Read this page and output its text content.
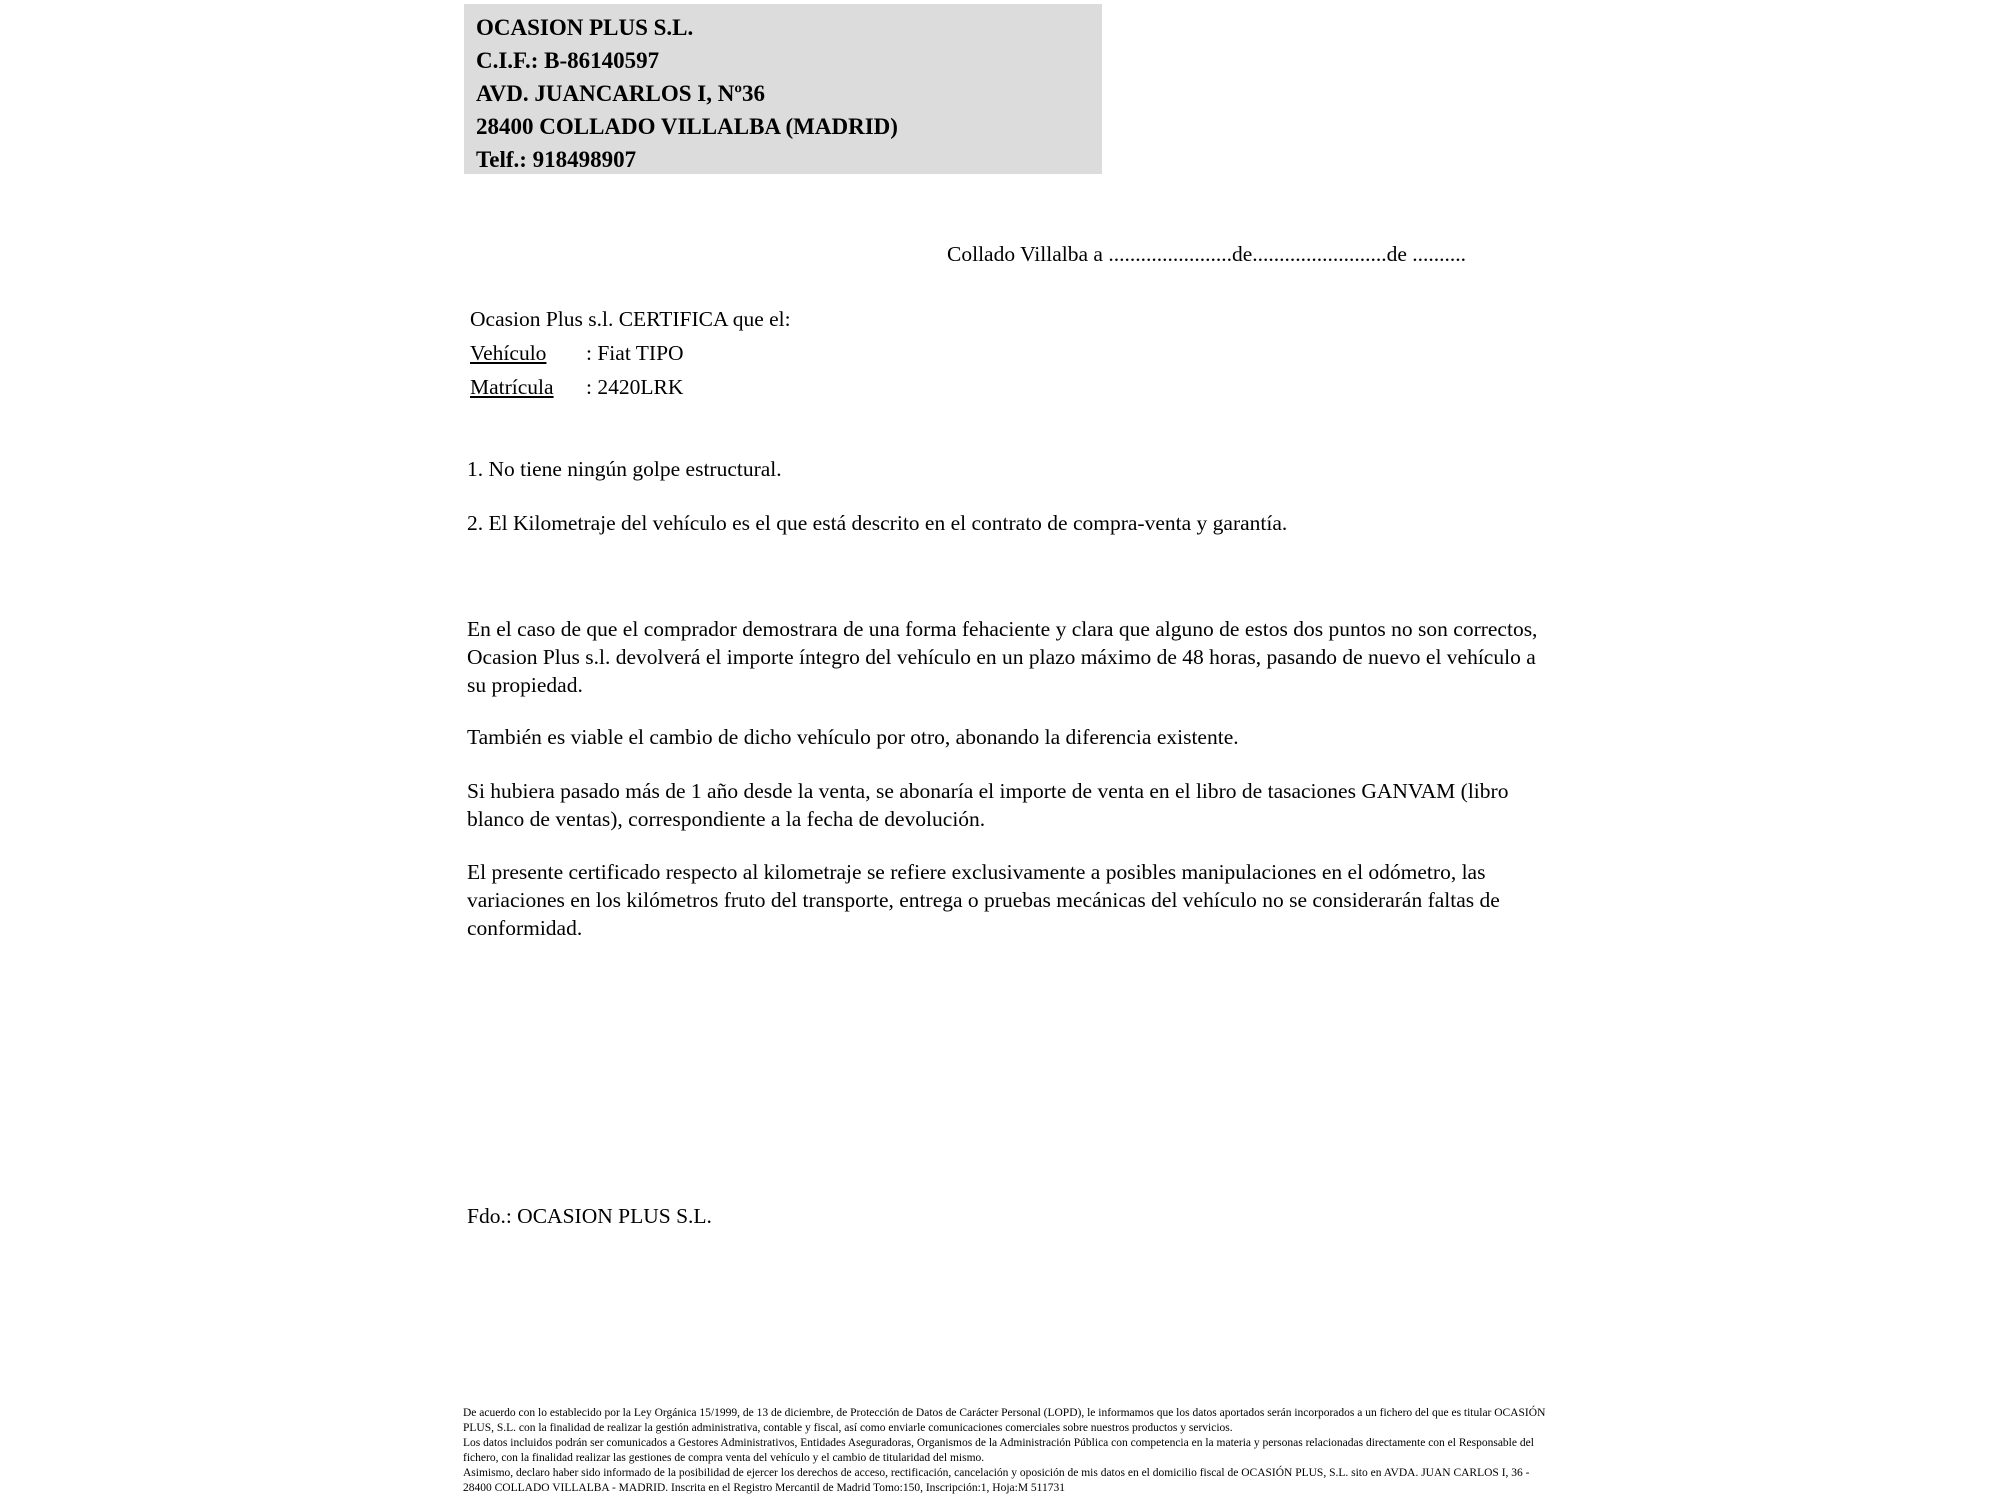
OCASION PLUS S.L.
C.I.F.: B-86140597
AVD. JUANCARLOS I, Nº36
28400 COLLADO VILLALBA (MADRID)
Telf.: 918498907
Collado Villalba a .......................de.........................de ..........
Ocasion Plus s.l. CERTIFICA que el:
Vehículo : Fiat TIPO
Matrícula : 2420LRK
1. No tiene ningún golpe estructural.
2. El Kilometraje del vehículo es el que está descrito en el contrato de compra-venta y garantía.
En el caso de que el comprador demostrara de una forma fehaciente y clara que alguno de estos dos puntos no son correctos, Ocasion Plus s.l. devolverá el importe íntegro del vehículo en un plazo máximo de 48 horas, pasando de nuevo el vehículo a su propiedad.
También es viable el cambio de dicho vehículo por otro, abonando la diferencia existente.
Si hubiera pasado más de 1 año desde la venta, se abonaría el importe de venta en el libro de tasaciones GANVAM (libro blanco de ventas), correspondiente a la fecha de devolución.
El presente certificado respecto al kilometraje se refiere exclusivamente a posibles manipulaciones en el odómetro, las variaciones en los kilómetros fruto del transporte, entrega o pruebas mecánicas del vehículo no se considerarán faltas de conformidad.
Fdo.: OCASION PLUS S.L.

De acuerdo con lo establecido por la Ley Orgánica 15/1999, de 13 de diciembre, de Protección de Datos de Carácter Personal (LOPD), le informamos que los datos aportados serán incorporados a un fichero del que es titular OCASIÓN PLUS, S.L. con la finalidad de realizar la gestión administrativa, contable y fiscal, así como enviarle comunicaciones comerciales sobre nuestros productos y servicios.

Los datos incluidos podrán ser comunicados a Gestores Administrativos, Entidades Aseguradoras, Organismos de la Administración Pública con competencia en la materia y personas relacionadas directamente con el Responsable del fichero, con la finalidad realizar las gestiones de compra venta del vehículo y el cambio de titularidad del mismo.

Asimismo, declaro haber sido informado de la posibilidad de ejercer los derechos de acceso, rectificación, cancelación y oposición de mis datos en el domicilio fiscal de OCASIÓN PLUS, S.L. sito en AVDA. JUAN CARLOS I, 36 - 28400 COLLADO VILLALBA - MADRID. Inscrita en el Registro Mercantil de Madrid Tomo:150, Inscripción:1, Hoja:M 511731
